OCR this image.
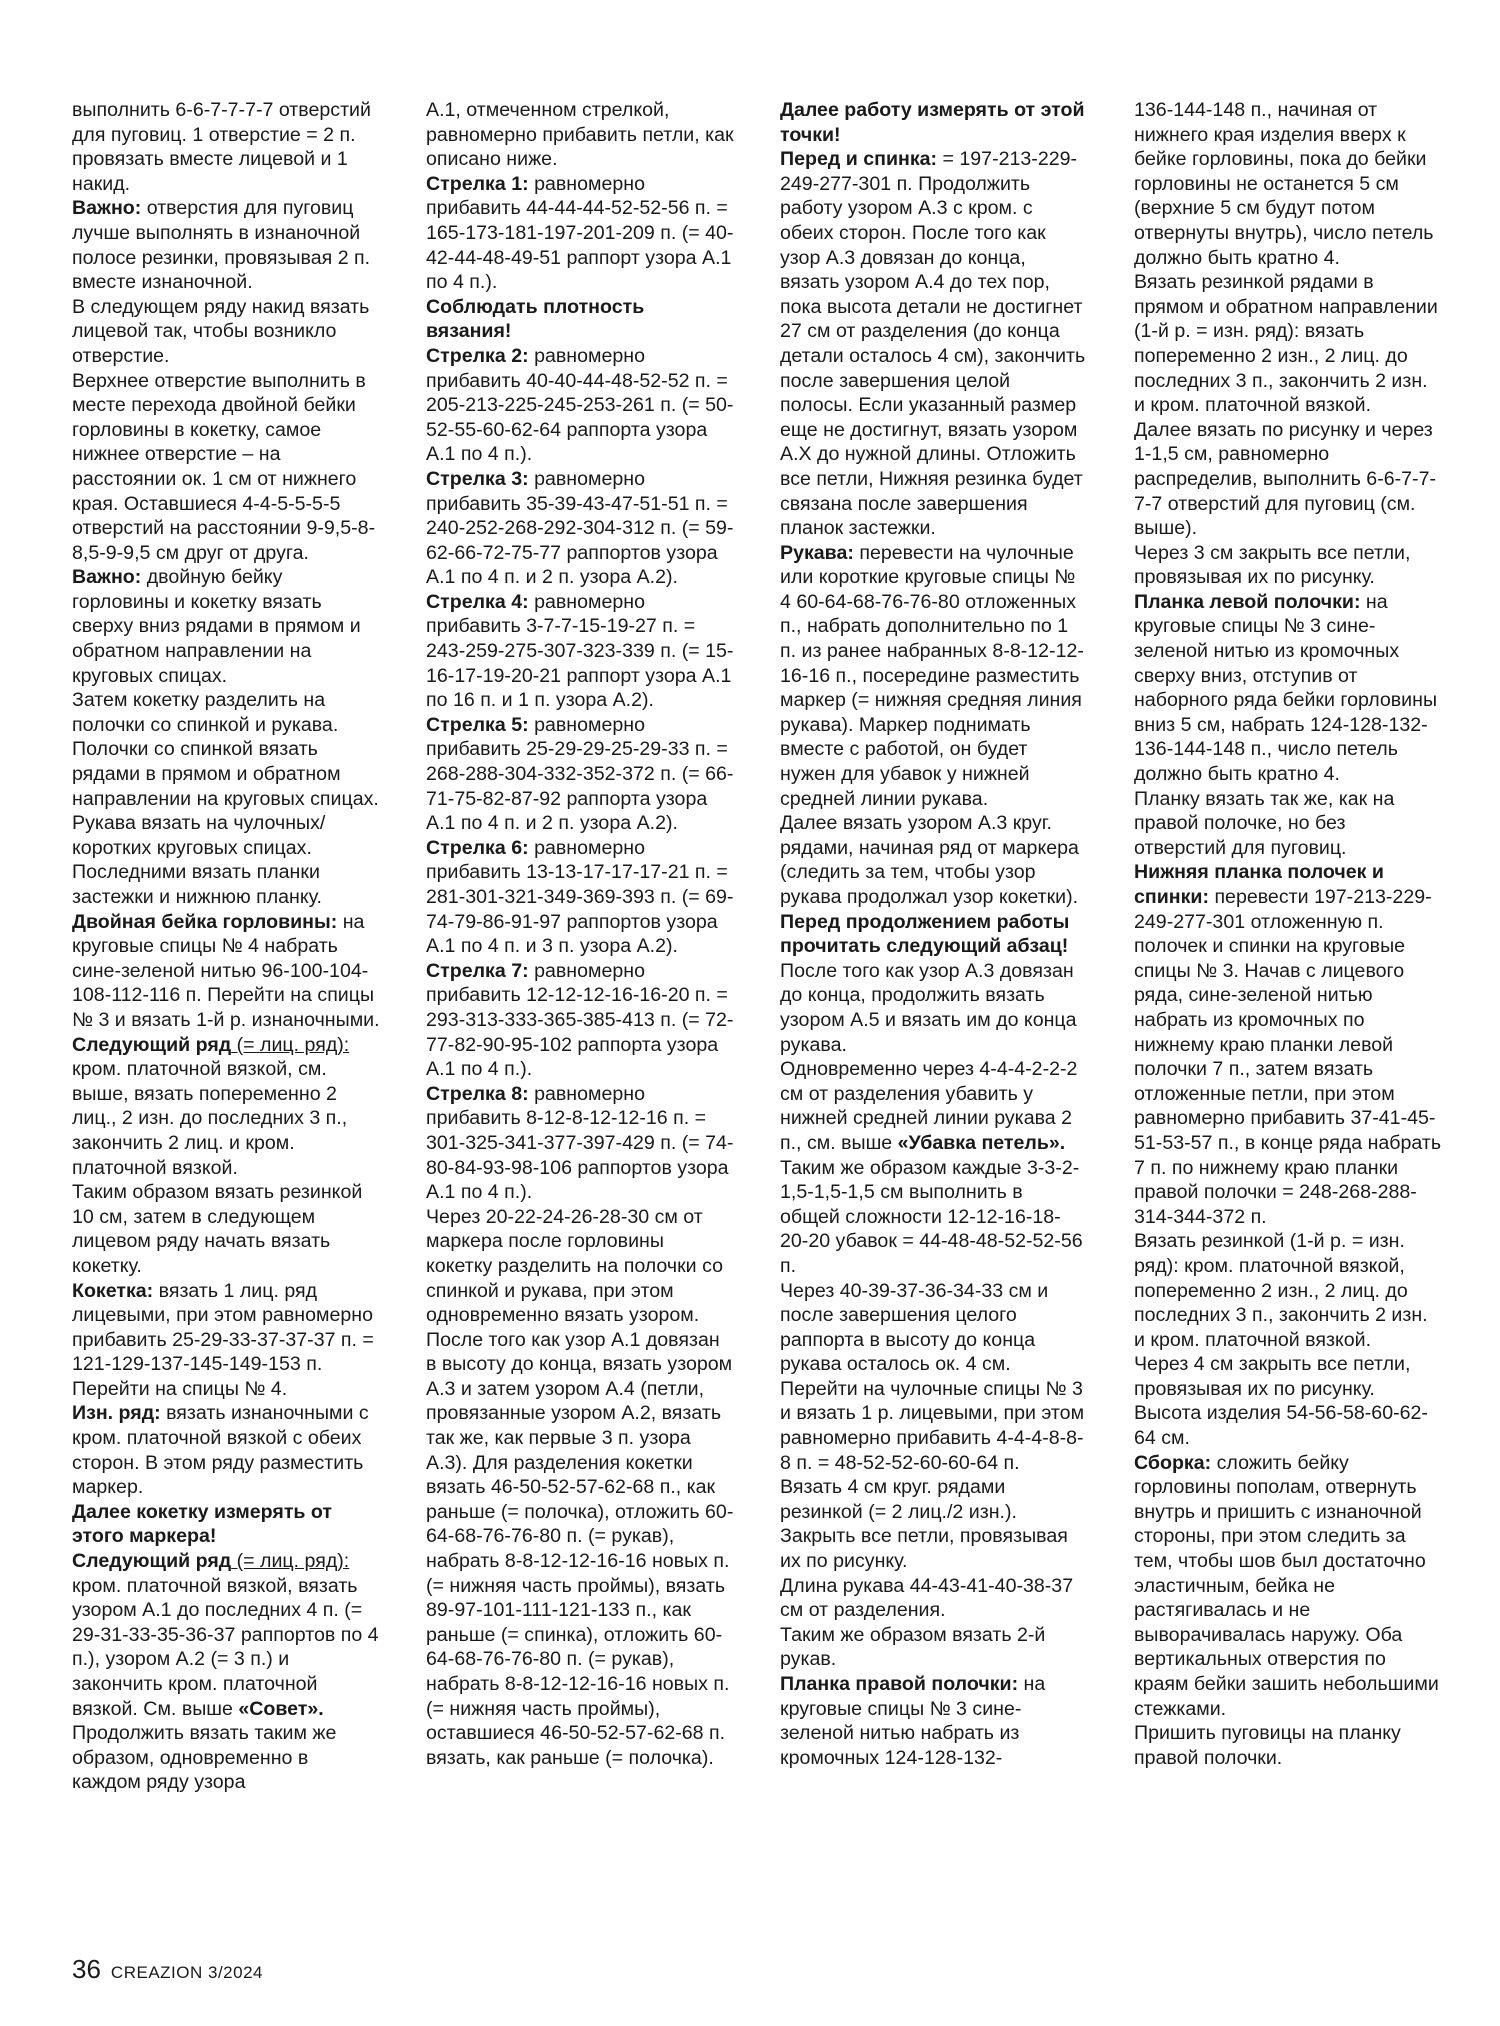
выполнить 6-6-7-7-7-7 отверстий для пуговиц. 1 отверстие = 2 п. провязать вместе лицевой и 1 накид.

Важно: отверстия для пуговиц лучше выполнять в изнаночной полосе резинки, провязывая 2 п. вместе изнаночной.

В следующем ряду накид вязать лицевой так, чтобы возникло отверстие.

Верхнее отверстие выполнить в месте перехода двойной бейки горловины в кокетку, самое нижнее отверстие – на расстоянии ок. 1 см от нижнего края. Оставшиеся 4-4-5-5-5-5 отверстий на расстоянии 9-9,5-8-8,5-9-9,5 см друг от друга.

Важно: двойную бейку горловины и кокетку вязать сверху вниз рядами в прямом и обратном направлении на круговых спицах.

Затем кокетку разделить на полочки со спинкой и рукава.

Полочки со спинкой вязать рядами в прямом и обратном направлении на круговых спицах. Рукава вязать на чулочных/коротких круговых спицах. Последними вязать планки застежки и нижнюю планку.

Двойная бейка горловины: на круговые спицы № 4 набрать сине-зеленой нитью 96-100-104-108-112-116 п. Перейти на спицы № 3 и вязать 1-й р. изнаночными.

Следующий ряд (= лиц. ряд): кром. платочной вязкой, см. выше, вязать попеременно 2 лиц., 2 изн. до последних 3 п., закончить 2 лиц. и кром. платочной вязкой.

Таким образом вязать резинкой 10 см, затем в следующем лицевом ряду начать вязать кокетку.

Кокетка: вязать 1 лиц. ряд лицевыми, при этом равномерно прибавить 25-29-33-37-37-37 п. = 121-129-137-145-149-153 п.

Перейти на спицы № 4.

Изн. ряд: вязать изнаночными с кром. платочной вязкой с обеих сторон. В этом ряду разместить маркер.

Далее кокетку измерять от этого маркера!

Следующий ряд (= лиц. ряд): кром. платочной вязкой, вязать узором А.1 до последних 4 п. (= 29-31-33-35-36-37 раппортов по 4 п.), узором А.2 (= 3 п.) и закончить кром. платочной вязкой. См. выше «Совет». Продолжить вязать таким же образом, одновременно в каждом ряду узора

А.1, отмеченном стрелкой, равномерно прибавить петли, как описано ниже.

Стрелка 1: равномерно прибавить 44-44-44-52-52-56 п. = 165-173-181-197-201-209 п. (= 40-42-44-48-49-51 раппорт узора А.1 по 4 п.).

Соблюдать плотность вязания!

Стрелка 2: равномерно прибавить 40-40-44-48-52-52 п. = 205-213-225-245-253-261 п. (= 50-52-55-60-62-64 раппорта узора А.1 по 4 п.).

Стрелка 3: равномерно прибавить 35-39-43-47-51-51 п. = 240-252-268-292-304-312 п. (= 59-62-66-72-75-77 раппортов узора А.1 по 4 п. и 2 п. узора А.2).

Стрелка 4: равномерно прибавить 3-7-7-15-19-27 п. = 243-259-275-307-323-339 п. (= 15-16-17-19-20-21 раппорт узора А.1 по 16 п. и 1 п. узора А.2).

Стрелка 5: равномерно прибавить 25-29-29-25-29-33 п. = 268-288-304-332-352-372 п. (= 66-71-75-82-87-92 раппорта узора А.1 по 4 п. и 2 п. узора А.2).

Стрелка 6: равномерно прибавить 13-13-17-17-17-21 п. = 281-301-321-349-369-393 п. (= 69-74-79-86-91-97 раппортов узора А.1 по 4 п. и 3 п. узора А.2).

Стрелка 7: равномерно прибавить 12-12-12-16-16-20 п. = 293-313-333-365-385-413 п. (= 72-77-82-90-95-102 раппорта узора А.1 по 4 п.).

Стрелка 8: равномерно прибавить 8-12-8-12-12-16 п. = 301-325-341-377-397-429 п. (= 74-80-84-93-98-106 раппортов узора А.1 по 4 п.).

Через 20-22-24-26-28-30 см от маркера после горловины кокетку разделить на полочки со спинкой и рукава, при этом одновременно вязать узором. После того как узор А.1 довязан в высоту до конца, вязать узором А.3 и затем узором А.4 (петли, провязанные узором А.2, вязать так же, как первые 3 п. узора А.3). Для разделения кокетки вязать 46-50-52-57-62-68 п., как раньше (= полочка), отложить 60-64-68-76-76-80 п. (= рукав), набрать 8-8-12-12-16-16 новых п. (= нижняя часть проймы), вязать 89-97-101-111-121-133 п., как раньше (= спинка), отложить 60-64-68-76-76-80 п. (= рукав), набрать 8-8-12-12-16-16 новых п. (= нижняя часть проймы), оставшиеся 46-50-52-57-62-68 п. вязать, как раньше (= полочка).

Далее работу измерять от этой точки!

Перед и спинка: = 197-213-229-249-277-301 п. Продолжить работу узором А.3 с кром. с обеих сторон. После того как узор А.3 довязан до конца, вязать узором А.4 до тех пор, пока высота детали не достигнет 27 см от разделения (до конца детали осталось 4 см), закончить после завершения целой полосы. Если указанный размер еще не достигнут, вязать узором А.Х до нужной длины. Отложить все петли, Нижняя резинка будет связана после завершения планок застежки.

Рукава: перевести на чулочные или короткие круговые спицы № 4 60-64-68-76-76-80 отложенных п., набрать дополнительно по 1 п. из ранее набранных 8-8-12-12-16-16 п., посередине разместить маркер (= нижняя средняя линия рукава). Маркер поднимать вместе с работой, он будет нужен для убавок у нижней средней линии рукава.

Далее вязать узором А.3 круг. рядами, начиная ряд от маркера (следить за тем, чтобы узор рукава продолжал узор кокетки).

Перед продолжением работы прочитать следующий абзац!

После того как узор А.3 довязан до конца, продолжить вязать узором А.5 и вязать им до конца рукава.

Одновременно через 4-4-4-2-2-2 см от разделения убавить у нижней средней линии рукава 2 п., см. выше «Убавка петель».

Таким же образом каждые 3-3-2-1,5-1,5-1,5 см выполнить в общей сложности 12-12-16-18-20-20 убавок = 44-48-48-52-52-56 п.

Через 40-39-37-36-34-33 см и после завершения целого раппорта в высоту до конца рукава осталось ок. 4 см. Перейти на чулочные спицы № 3 и вязать 1 р. лицевыми, при этом равномерно прибавить 4-4-4-8-8-8 п. = 48-52-52-60-60-64 п.

Вязать 4 см круг. рядами резинкой (= 2 лиц./2 изн.). Закрыть все петли, провязывая их по рисунку.

Длина рукава 44-43-41-40-38-37 см от разделения.

Таким же образом вязать 2-й рукав.

Планка правой полочки: на круговые спицы № 3 сине-зеленой нитью набрать из кромочных 124-128-132-

136-144-148 п., начиная от нижнего края изделия вверх к бейке горловины, пока до бейки горловины не останется 5 см (верхние 5 см будут потом отвернуты внутрь), число петель должно быть кратно 4.

Вязать резинкой рядами в прямом и обратном направлении (1-й р. = изн. ряд): вязать попеременно 2 изн., 2 лиц. до последних 3 п., закончить 2 изн. и кром. платочной вязкой.

Далее вязать по рисунку и через 1-1,5 см, равномерно распределив, выполнить 6-6-7-7-7-7 отверстий для пуговиц (см. выше).

Через 3 см закрыть все петли, провязывая их по рисунку.

Планка левой полочки: на круговые спицы № 3 сине-зеленой нитью из кромочных сверху вниз, отступив от наборного ряда бейки горловины вниз 5 см, набрать 124-128-132-136-144-148 п., число петель должно быть кратно 4.

Планку вязать так же, как на правой полочке, но без отверстий для пуговиц.

Нижняя планка полочек и спинки: перевести 197-213-229-249-277-301 отложенную п. полочек и спинки на круговые спицы № 3. Начав с лицевого ряда, сине-зеленой нитью набрать из кромочных по нижнему краю планки левой полочки 7 п., затем вязать отложенные петли, при этом равномерно прибавить 37-41-45-51-53-57 п., в конце ряда набрать 7 п. по нижнему краю планки правой полочки = 248-268-288-314-344-372 п.

Вязать резинкой (1-й р. = изн. ряд): кром. платочной вязкой, попеременно 2 изн., 2 лиц. до последних 3 п., закончить 2 изн. и кром. платочной вязкой.

Через 4 см закрыть все петли, провязывая их по рисунку.

Высота изделия 54-56-58-60-62-64 см.

Сборка: сложить бейку горловины пополам, отвернуть внутрь и пришить с изнаночной стороны, при этом следить за тем, чтобы шов был достаточно эластичным, бейка не растягивалась и не выворачивалась наружу. Оба вертикальных отверстия по краям бейки зашить небольшими стежками.

Пришить пуговицы на планку правой полочки.

36 CREAZION 3/2024
